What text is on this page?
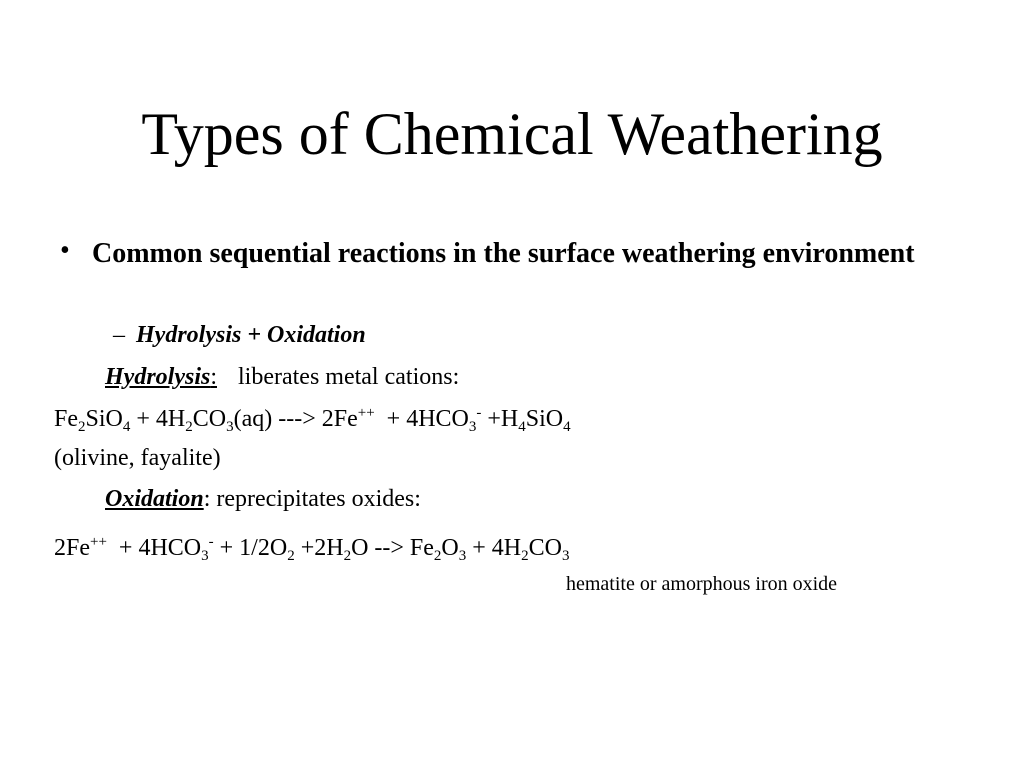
Types of Chemical Weathering
• Common sequential reactions in the surface weathering environment
– Hydrolysis + Oxidation
Hydrolysis: liberates metal cations:
$Fe_2SiO_4 + 4H_2CO_3(aq)$ ---> $2Fe^{++} + 4HCO_3^- +H_4SiO_4$
(olivine, fayalite)
Oxidation: reprecipitates oxides:
$2Fe^{++} + 4HCO_3^- + 1/2O_2 +2H_2O$ --> $Fe_2O_3 + 4H_2CO_3$
hematite or amorphous iron oxide
